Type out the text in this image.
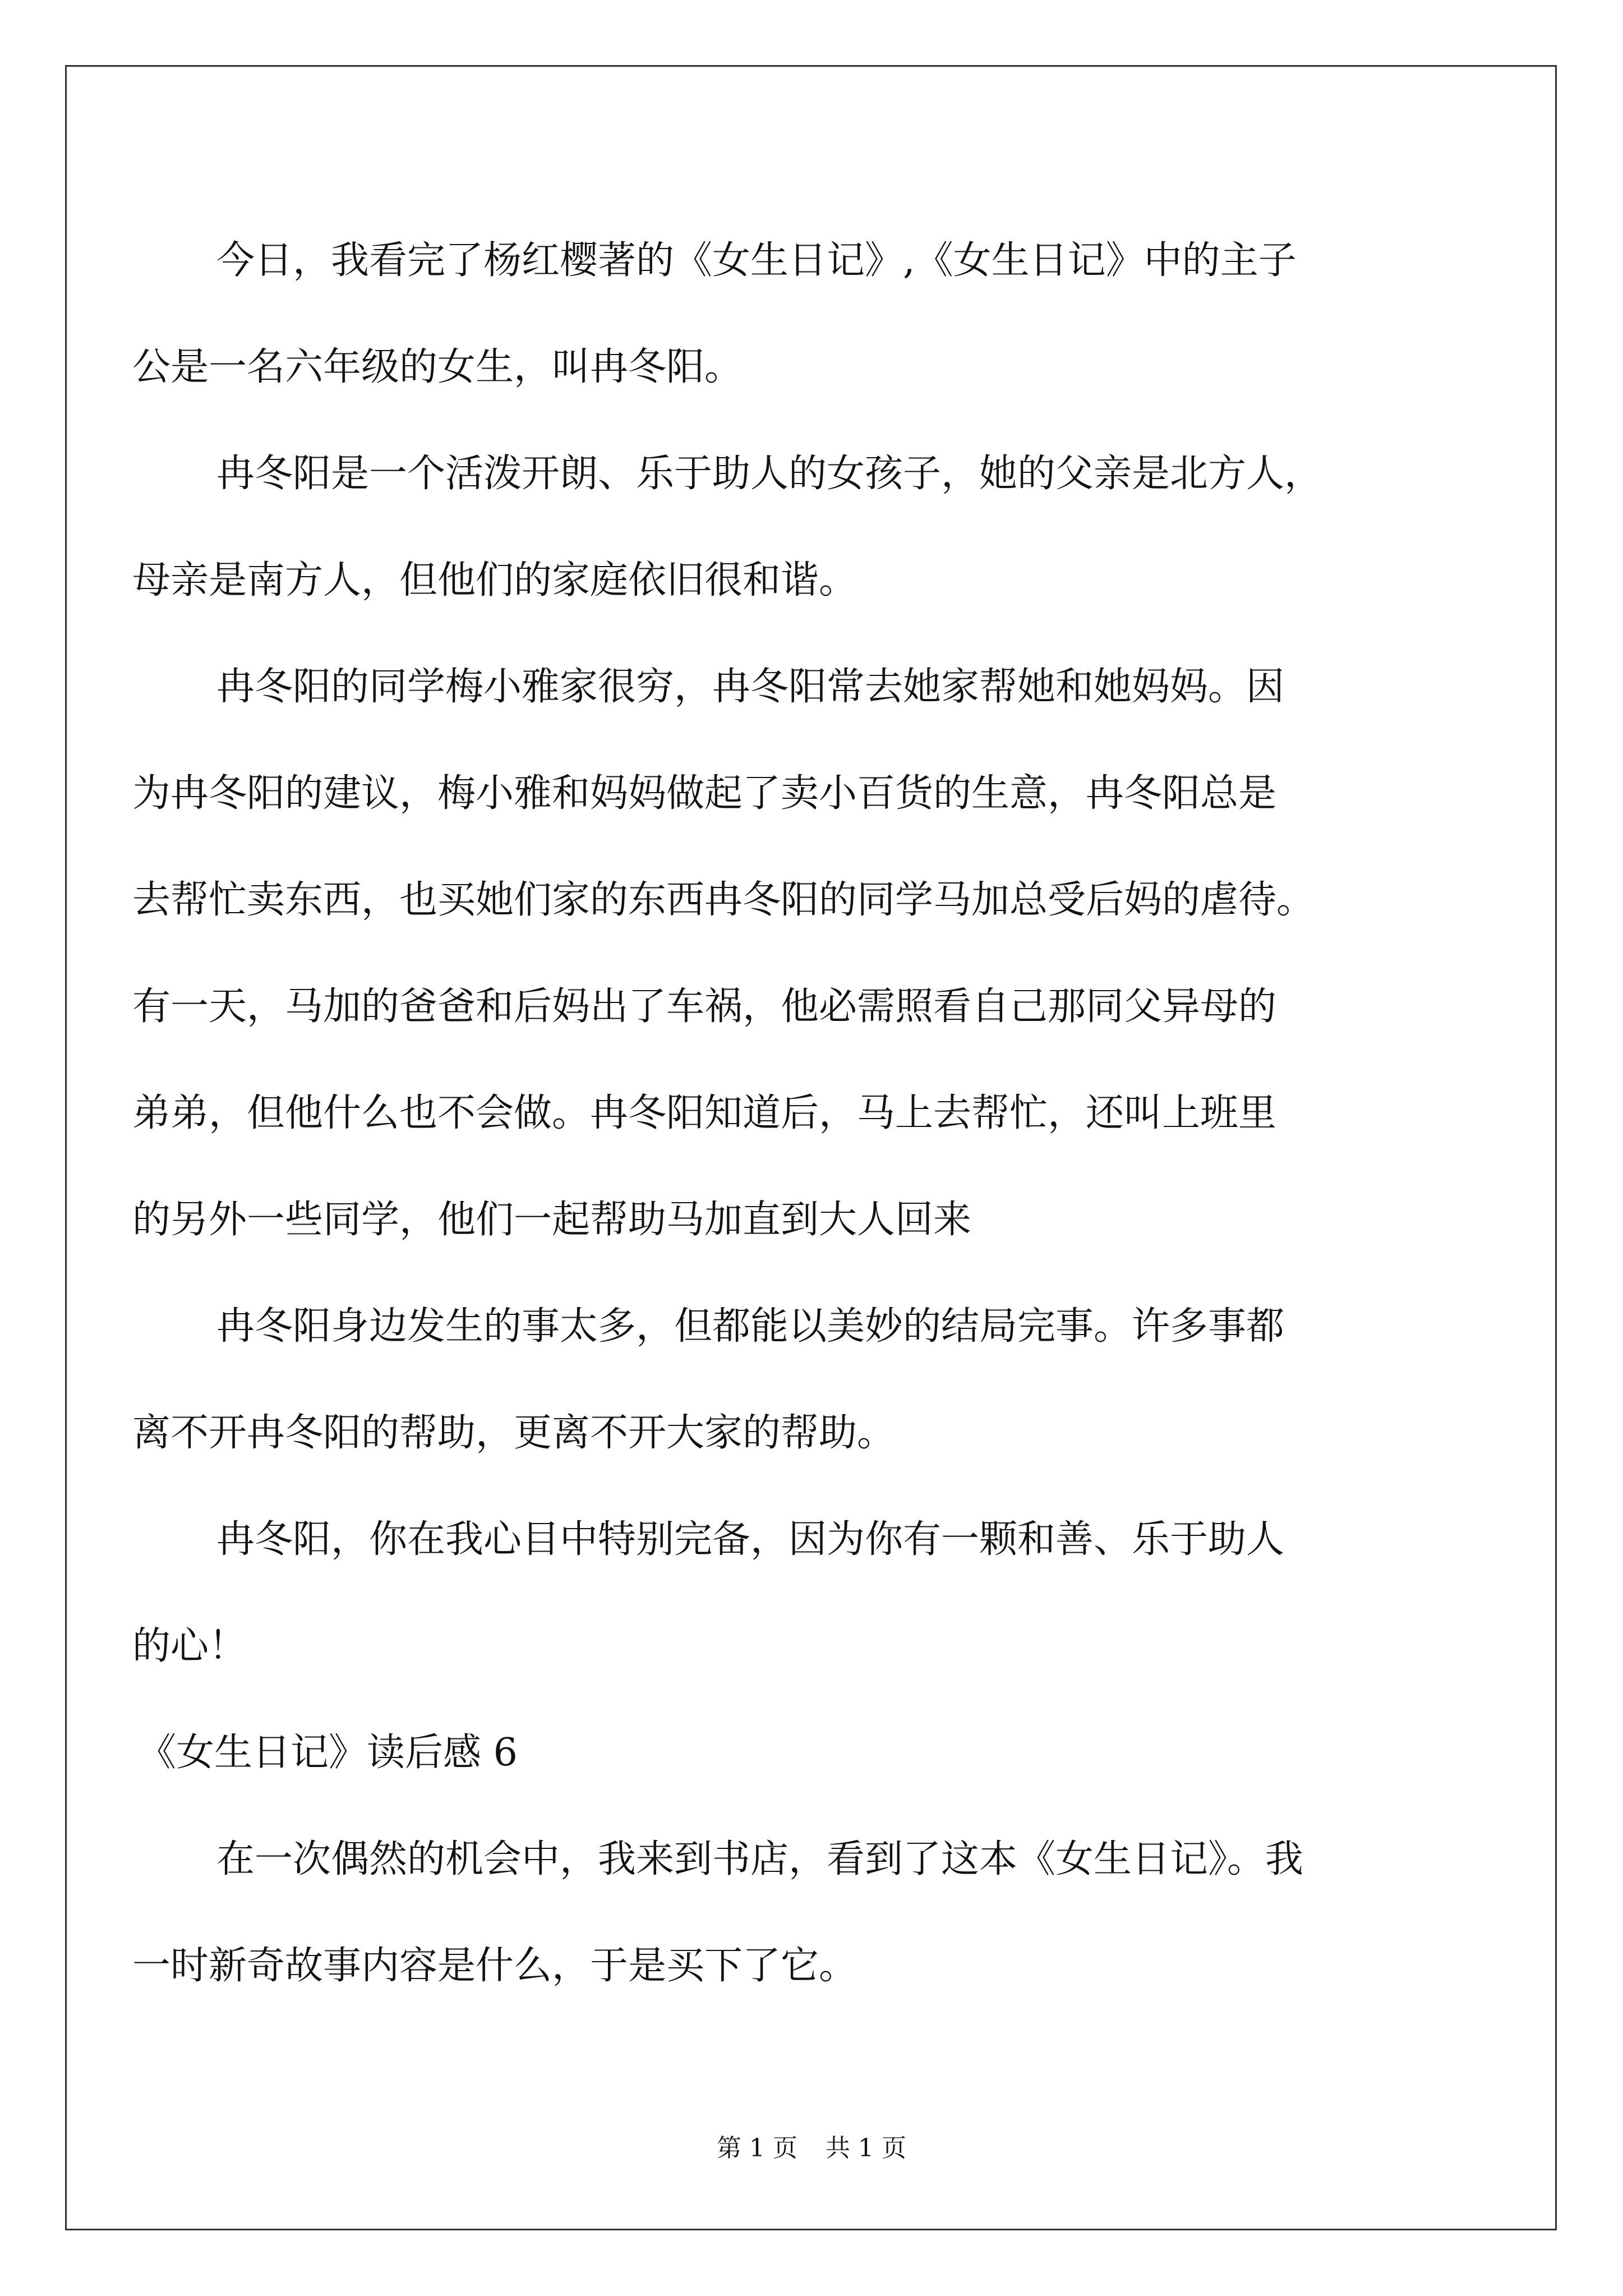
今日，我看完了杨红樱著的《女生日记》,《女生日记》中的主子
公是一名六年级的女生，叫冉冬阳。
冉冬阳是一个活泼开朗、乐于助人的女孩子，她的父亲是北方人，
母亲是南方人，但他们的家庭依旧很和谐。
冉冬阳的同学梅小雅家很穷，冉冬阳常去她家帮她和她妈妈。因
为冉冬阳的建议，梅小雅和妈妈做起了卖小百货的生意，冉冬阳总是
去帮忙卖东西，也买她们家的东西冉冬阳的同学马加总受后妈的虐待。
有一天，马加的爸爸和后妈出了车祸，他必需照看自己那同父异母的
弟弟，但他什么也不会做。冉冬阳知道后，马上去帮忙，还叫上班里
的另外一些同学，他们一起帮助马加直到大人回来
冉冬阳身边发生的事太多，但都能以美妙的结局完事。许多事都
离不开冉冬阳的帮助，更离不开大家的帮助。
冉冬阳，你在我心目中特别完备，因为你有一颗和善、乐于助人
的心！
《女生日记》读后感 6
在一次偶然的机会中，我来到书店，看到了这本《女生日记》。我
一时新奇故事内容是什么，于是买下了它。
第 1 页 共 1 页
